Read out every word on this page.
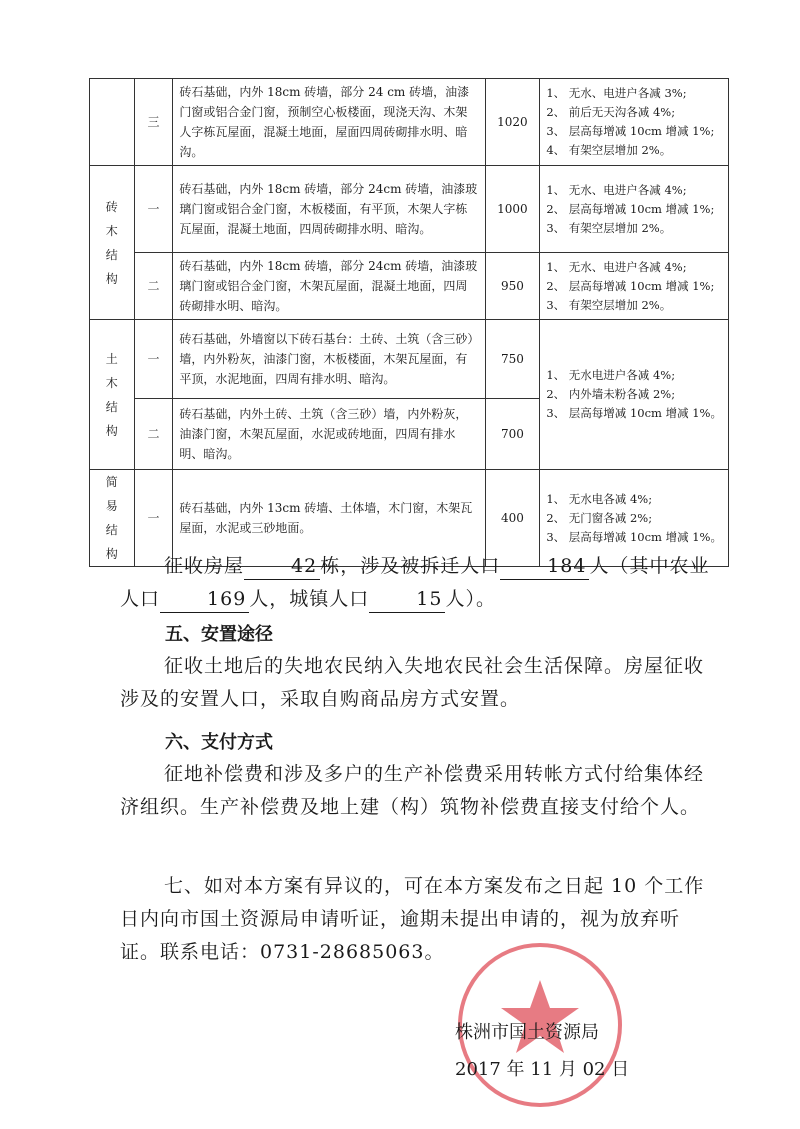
	三	砖石基础，内外 18cm 砖墙，部分 24 cm 砖墙，油漆门窗或铝合金门窗，预制空心板楼面，现浇天沟、木架人字栋瓦屋面，混凝土地面，屋面四周砖砌排水明、暗沟。	1020	1、 无水、电进户各减 3%;
2、 前后无天沟各减 4%;
3、 层高每增减 10cm 增减 1%;
4、 有架空层增加 2%。

砖木结构	一	砖石基础，内外 18cm 砖墙，部分 24cm 砖墙，油漆玻璃门窗或铝合金门窗，木板楼面，有平顶，木架人字栋瓦屋面，混凝土地面，四周砖砌排水明、暗沟。	1000	1、 无水、电进户各减 4%;
2、 层高每增减 10cm 增减 1%;
3、 有架空层增加 2%。

	二	砖石基础，内外 18cm 砖墙，部分 24cm 砖墙，油漆玻璃门窗或铝合金门窗，木架瓦屋面，混凝土地面，四周砖砌排水明、暗沟。	950	1、 无水、电进户各减 4%;
2、 层高每增减 10cm 增减 1%;
3、 有架空层增加 2%。

土木结构	一	砖石基础，外墙窗以下砖石基台：土砖、土筑（含三砂）墙，内外粉灰，油漆门窗，木板楼面，木架瓦屋面，有平顶，水泥地面，四周有排水明、暗沟。	750	1、 无水电进户各减 4%;
2、 内外墙未粉各减 2%;
3、 层高每增减 10cm 增减 1%。

	二	砖石基础，内外土砖、土筑（含三砂）墙，内外粉灰，油漆门窗，木架瓦屋面，水泥或砖地面，四周有排水明、暗沟。	700	
简易结构	一	砖石基础，内外 13cm 砖墙、土体墙，木门窗，木架瓦屋面，水泥或三砂地面。	400	1、 无水电各减 4%;
2、 无门窗各减 2%;
3、 层高每增减 10cm 增减 1%。
征收房屋 42 栋，涉及被拆迁人口 184 人（其中农业人口 169 人，城镇人口 15 人）。
五、安置途径
征收土地后的失地农民纳入失地农民社会生活保障。房屋征收涉及的安置人口，采取自购商品房方式安置。
六、支付方式
征地补偿费和涉及多户的生产补偿费采用转帐方式付给集体经济组织。生产补偿费及地上建（构）筑物补偿费直接支付给个人。
七、如对本方案有异议的，可在本方案发布之日起 10 个工作日内向市国土资源局申请听证，逾期未提出申请的，视为放弃听证。联系电话：0731-28685063。
株洲市国土资源局
2017 年 11 月 02 日
